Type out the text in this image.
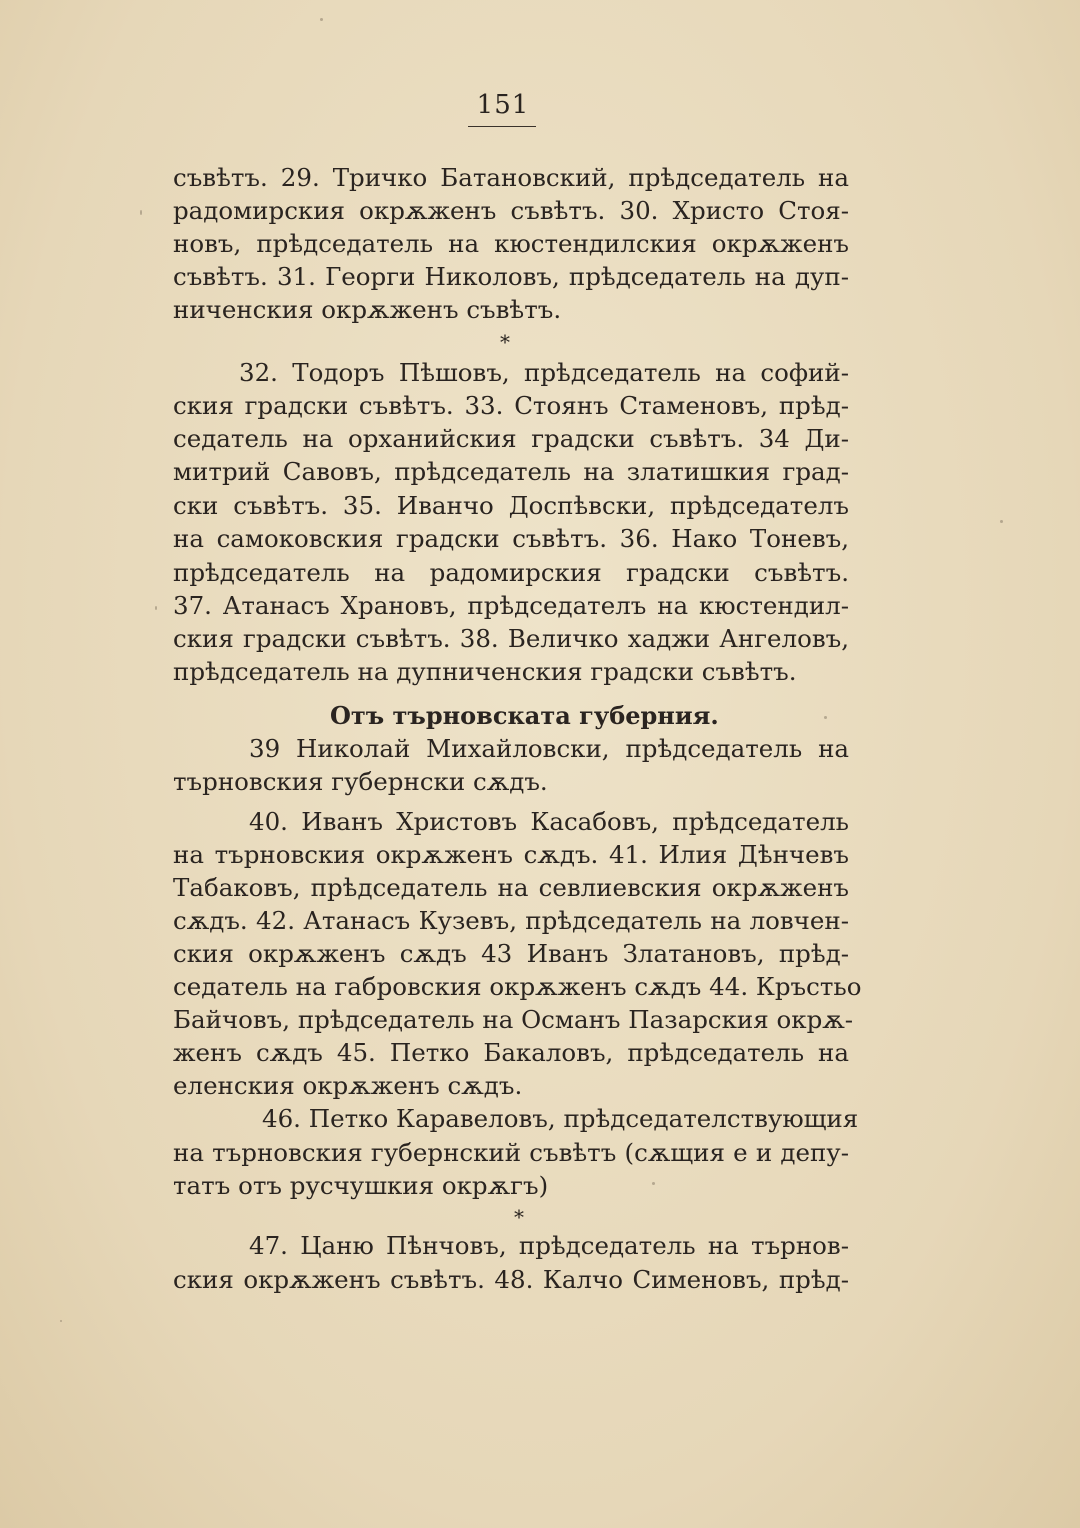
151
съвѣтъ. 29. Тричко Батановский, прѣдседатель на
радомирския окрѫженъ съвѣтъ. 30. Христо Стоя-
новъ, прѣдседатель на кюстендилския окрѫженъ
съвѣтъ. 31. Георги Николовъ, прѣдседатель на дуп-
ниченския окрѫженъ съвѣтъ.
*
32. Тодоръ Пѣшовъ, прѣдседатель на софий-
ския градски съвѣтъ. 33. Стоянъ Стаменовъ, прѣд-
седатель на орханийския градски съвѣтъ. 34 Ди-
митрий Савовъ, прѣдседатель на златишкия град-
ски съвѣтъ. 35. Иванчо Доспѣвски, прѣдседателъ
на самоковския градски съвѣтъ. 36. Нако Тоневъ,
прѣдседатель на радомирския градски съвѣтъ.
37. Атанасъ Храновъ, прѣдседателъ на кюстендил-
ския градски съвѣтъ. 38. Величко хаджи Ангеловъ,
прѣдседатель на дупниченския градски съвѣтъ.
Отъ търновската губерния.
39 Николай Михайловски, прѣдседатель на
търновския губернски сѫдъ.
40. Иванъ Христовъ Касабовъ, прѣдседатель
на търновския окрѫженъ сѫдъ. 41. Илия Дѣнчевъ
Табаковъ, прѣдседатель на севлиевския окрѫженъ
сѫдъ. 42. Атанасъ Кузевъ, прѣдседатель на ловчен-
ския окрѫженъ сѫдъ 43 Иванъ Златановъ, прѣд-
седатель на габровския окрѫженъ сѫдъ 44. Кръстьо
Байчовъ, прѣдседатель на Османъ Пазарския окрѫ-
женъ сѫдъ 45. Петко Бакаловъ, прѣдседатель на
еленския окрѫженъ сѫдъ.
46. Петко Каравеловъ, прѣдседателствующия
на търновския губернский съвѣтъ (сѫщия е и депу-
татъ отъ русчушкия окрѫгъ)
*
47. Цаню Пѣнчовъ, прѣдседатель на търнов-
ския окрѫженъ съвѣтъ. 48. Калчо Сименовъ, прѣд-
